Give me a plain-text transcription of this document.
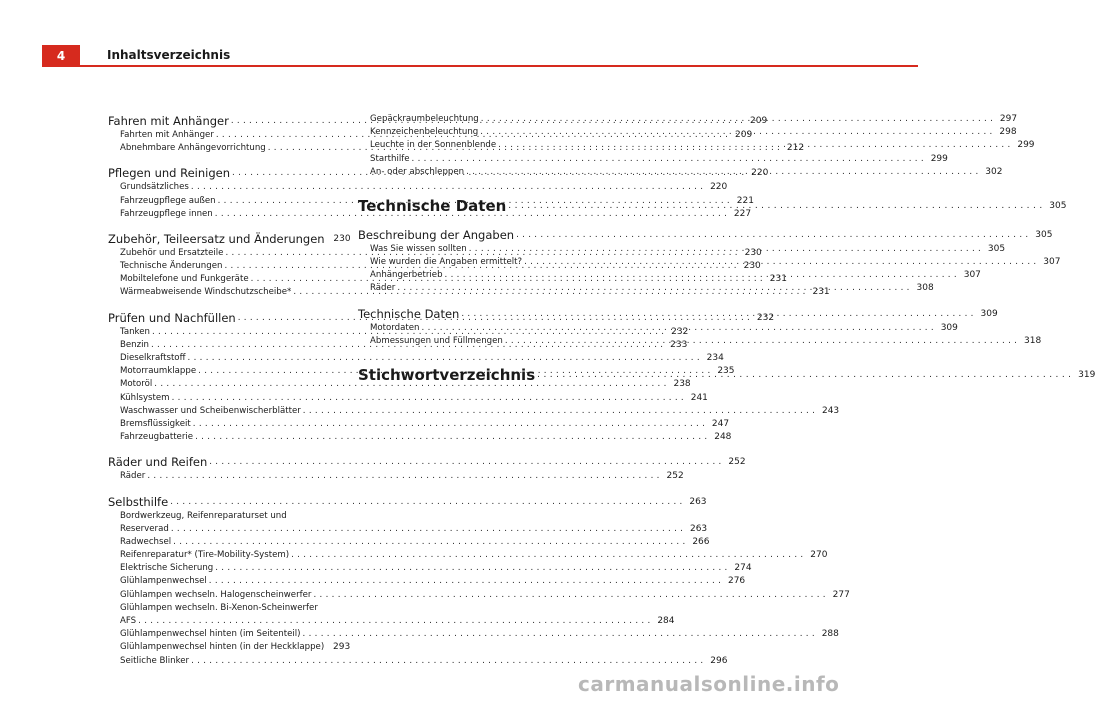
4	Inhaltsverzeichnis
Fahren mit Anhänger . . .	209
Fahrten mit Anhänger . . .	209
Abnehmbare Anhängevorrichtung . . .	212
Pflegen und Reinigen . . .	220
Grundsätzliches . . .	220
Fahrzeugpflege außen . . .	221
Fahrzeugpflege innen . . .	227
Zubehör, Teileersatz und Änderungen 230
Zubehör und Ersatzteile . . .	230
Technische Änderungen . . .	230
Mobiltelefone und Funkgeräte . . .	231
Wärmeabweisende Windschutzscheibe* . . .	231
Prüfen und Nachfüllen . . .	232
Tanken . . .	232
Benzin . . .	233
Dieselkraftstoff . . .	234
Motorraumklappe . . .	235
Motoröl . . .	238
Kühlsystem . . .	241
Waschwasser und Scheibenwischerblätter . . .	243
Bremsflüssigkeit . . .	247
Fahrzeugbatterie . . .	248
Räder und Reifen . . .	252
Räder . . .	252
Selbsthilfe . . .	263
Bordwerkzeug, Reifenreparaturset und
Reserverad . . .	263
Radwechsel . . .	266
Reifenreparatur* (Tire-Mobility-System) . . .	270
Elektrische Sicherung . . .	274
Glühlampenwechsel . . .	276
Glühlampen wechseln. Halogenscheinwerfer . . .	277
Glühlampen wechseln. Bi-Xenon-Scheinwerfer
AFS . . .	284
Glühlampenwechsel hinten (im Seitenteil) . . .	288
Glühlampenwechsel hinten (in der Heckklappe) 293
Seitliche Blinker . . .	296
Gepäckraumbeleuchtung . . .	297
Kennzeichenbeleuchtung . . .	298
Leuchte in der Sonnenblende . . .	299
Starthilfe . . .	299
An- oder abschleppen . . .	302
Technische Daten . . .	305
Beschreibung der Angaben . . .	305
Was Sie wissen sollten . . .	305
Wie wurden die Angaben ermittelt? . . .	307
Anhängerbetrieb . . .	307
Räder . . .	308
Technische Daten . . .	309
Motordaten . . .	309
Abmessungen und Füllmengen . . .	318
Stichwortverzeichnis . . .	319
carmanualsonline.info
